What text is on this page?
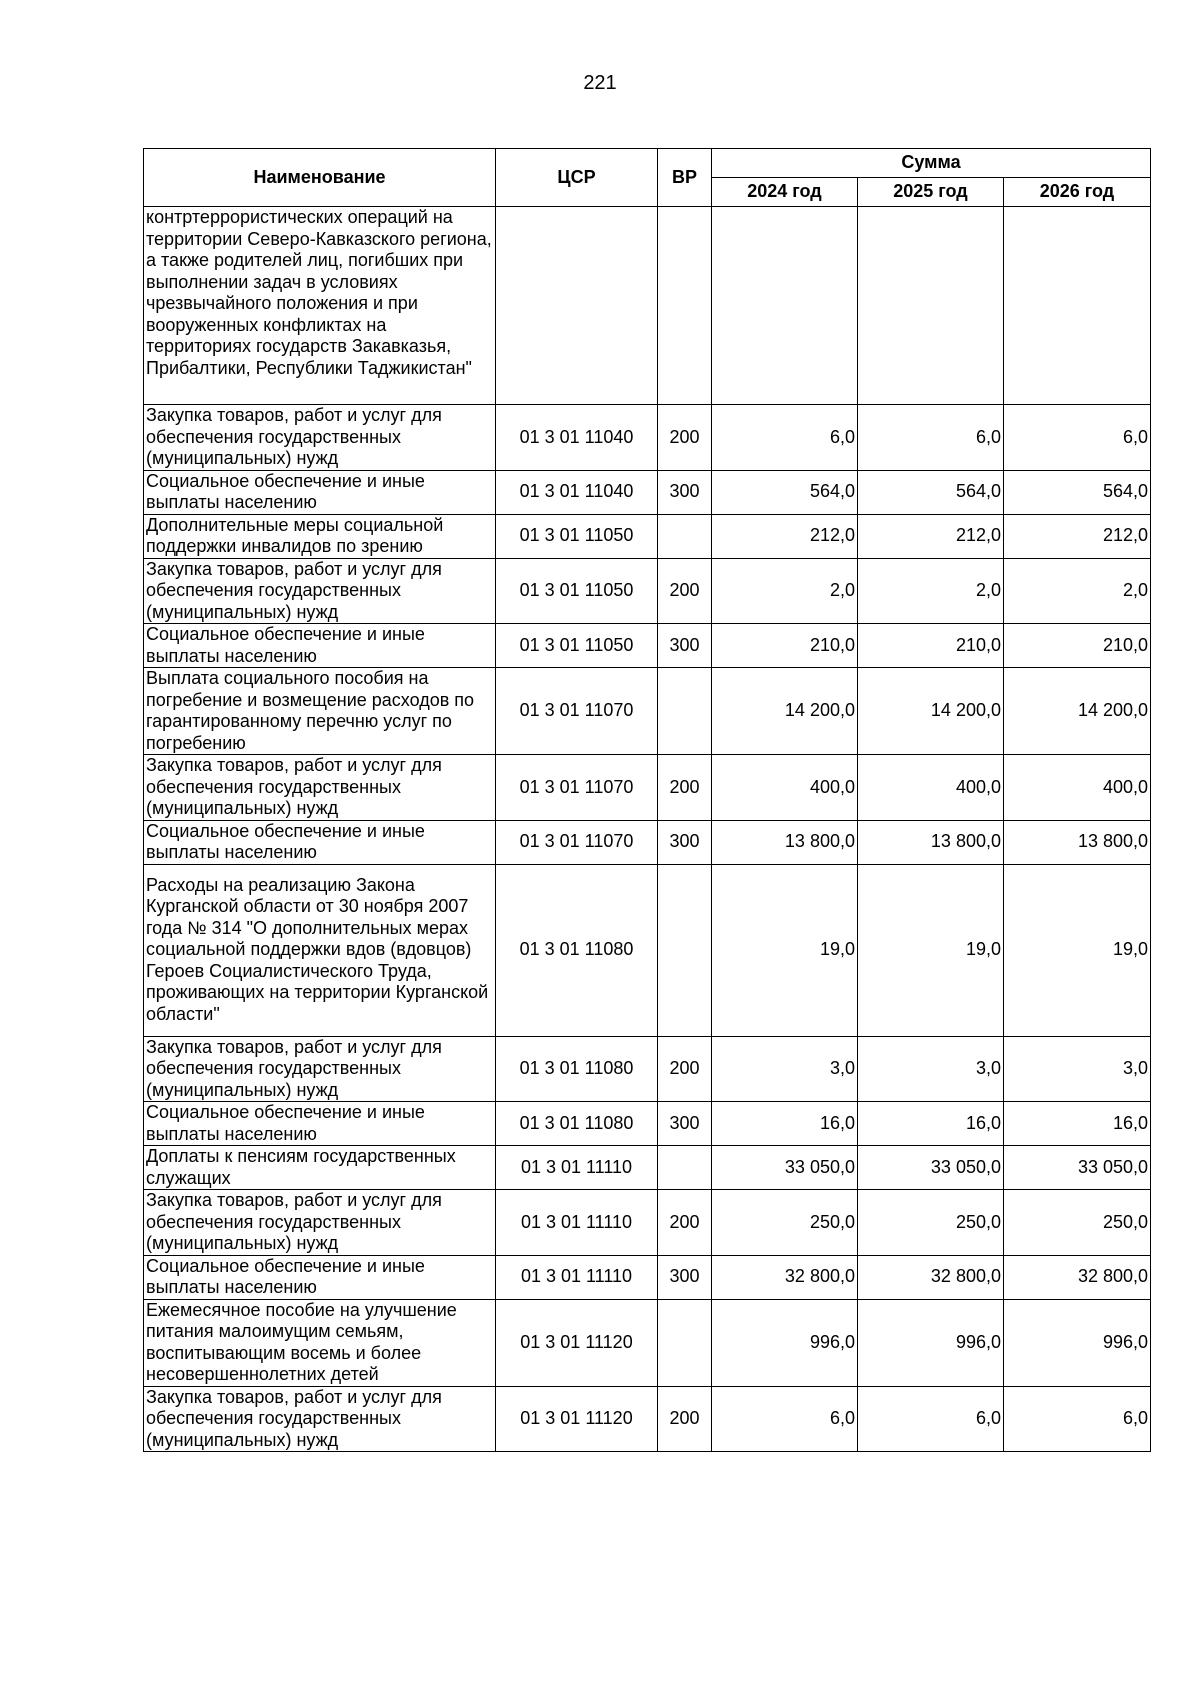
221
Наименование	ЦСР	ВР	Сумма		
			2024 год	2025 год	2026 год
контртеррористических операций на территории Северо-Кавказского региона, а также родителей лиц, погибших при выполнении задач в условиях чрезвычайного положения и при вооруженных конфликтах на территориях государств Закавказья, Прибалтики, Республики Таджикистан"					
Закупка товаров, работ и услуг для обеспечения государственных (муниципальных) нужд	01 3 01 11040	200	6,0	6,0	6,0
Социальное обеспечение и иные выплаты населению	01 3 01 11040	300	564,0	564,0	564,0
Дополнительные меры социальной поддержки инвалидов по зрению	01 3 01 11050		212,0	212,0	212,0
Закупка товаров, работ и услуг для обеспечения государственных (муниципальных) нужд	01 3 01 11050	200	2,0	2,0	2,0
Социальное обеспечение и иные выплаты населению	01 3 01 11050	300	210,0	210,0	210,0
Выплата социального пособия на погребение и возмещение расходов по гарантированному перечню услуг по погребению	01 3 01 11070		14 200,0	14 200,0	14 200,0
Закупка товаров, работ и услуг для обеспечения государственных (муниципальных) нужд	01 3 01 11070	200	400,0	400,0	400,0
Социальное обеспечение и иные выплаты населению	01 3 01 11070	300	13 800,0	13 800,0	13 800,0
Расходы на реализацию Закона Курганской области от 30 ноября 2007 года № 314 "О дополнительных мерах социальной поддержки вдов (вдовцов) Героев Социалистического Труда, проживающих на территории Курганской области"	01 3 01 11080		19,0	19,0	19,0
Закупка товаров, работ и услуг для обеспечения государственных (муниципальных) нужд	01 3 01 11080	200	3,0	3,0	3,0
Социальное обеспечение и иные выплаты населению	01 3 01 11080	300	16,0	16,0	16,0
Доплаты к пенсиям государственных служащих	01 3 01 11110		33 050,0	33 050,0	33 050,0
Закупка товаров, работ и услуг для обеспечения государственных (муниципальных) нужд	01 3 01 11110	200	250,0	250,0	250,0
Социальное обеспечение и иные выплаты населению	01 3 01 11110	300	32 800,0	32 800,0	32 800,0
Ежемесячное пособие на улучшение питания малоимущим семьям, воспитывающим восемь и более несовершеннолетних детей	01 3 01 11120		996,0	996,0	996,0
Закупка товаров, работ и услуг для обеспечения государственных (муниципальных) нужд	01 3 01 11120	200	6,0	6,0	6,0
